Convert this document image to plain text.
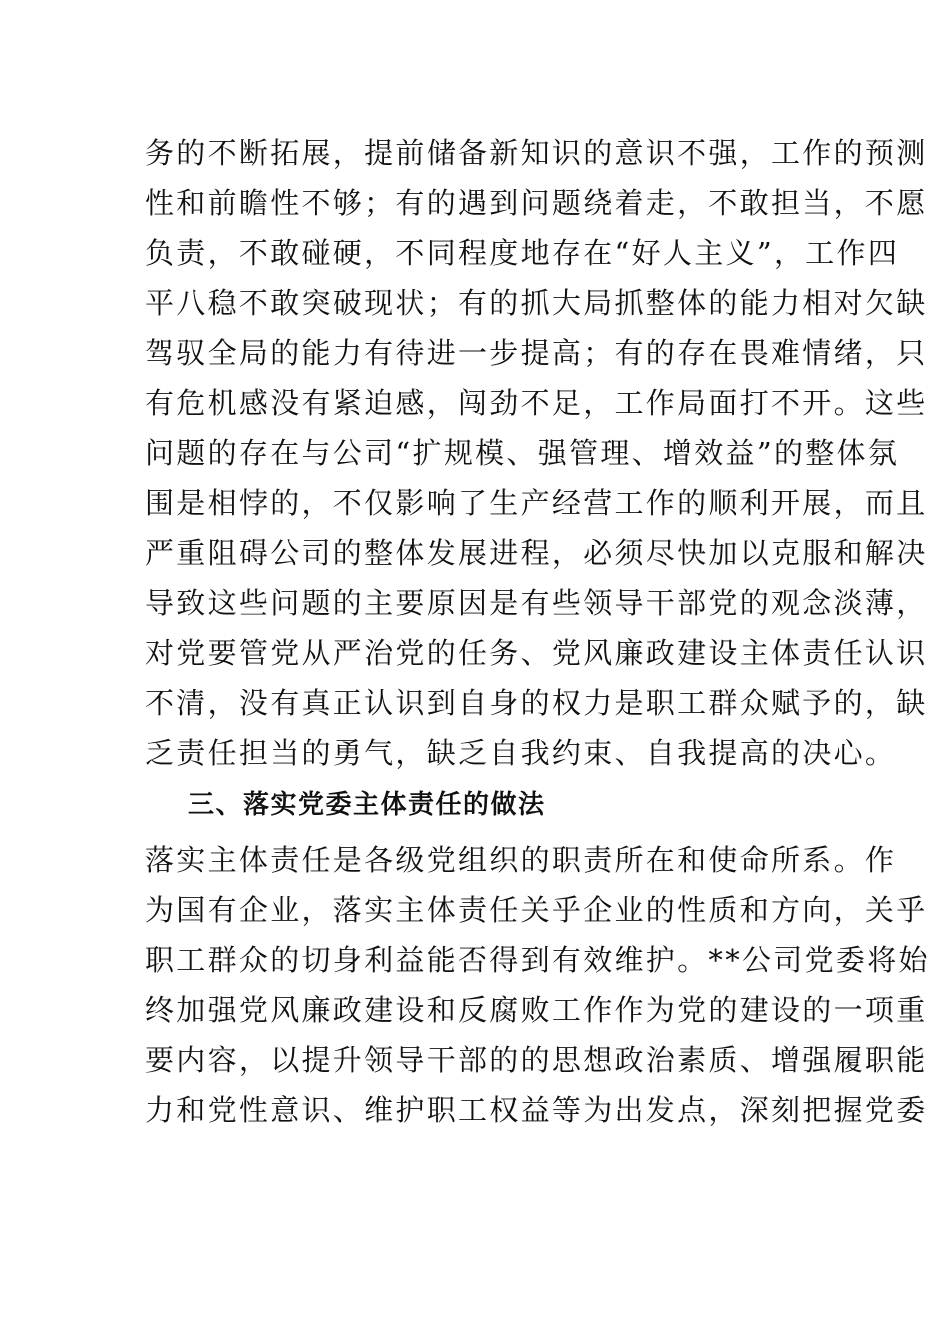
务的不断拓展，提前储备新知识的意识不强，工作的预测
性和前瞻性不够；有的遇到问题绕着走，不敢担当，不愿
负责，不敢碰硬，不同程度地存在“好人主义”，工作四
平八稳不敢突破现状；有的抓大局抓整体的能力相对欠缺
驾驭全局的能力有待进一步提高；有的存在畏难情绪，只
有危机感没有紧迫感，闯劲不足，工作局面打不开。这些
问题的存在与公司“扩规模、强管理、增效益”的整体氛
围是相悖的，不仅影响了生产经营工作的顺利开展，而且
严重阻碍公司的整体发展进程，必须尽快加以克服和解决
导致这些问题的主要原因是有些领导干部党的观念淡薄，
对党要管党从严治党的任务、党风廉政建设主体责任认识
不清，没有真正认识到自身的权力是职工群众赋予的，缺
乏责任担当的勇气，缺乏自我约束、自我提高的决心。
三、落实党委主体责任的做法
落实主体责任是各级党组织的职责所在和使命所系。作
为国有企业，落实主体责任关乎企业的性质和方向，关乎
职工群众的切身利益能否得到有效维护。**公司党委将始
终加强党风廉政建设和反腐败工作作为党的建设的一项重
要内容，以提升领导干部的的思想政治素质、增强履职能
力和党性意识、维护职工权益等为出发点，深刻把握党委
